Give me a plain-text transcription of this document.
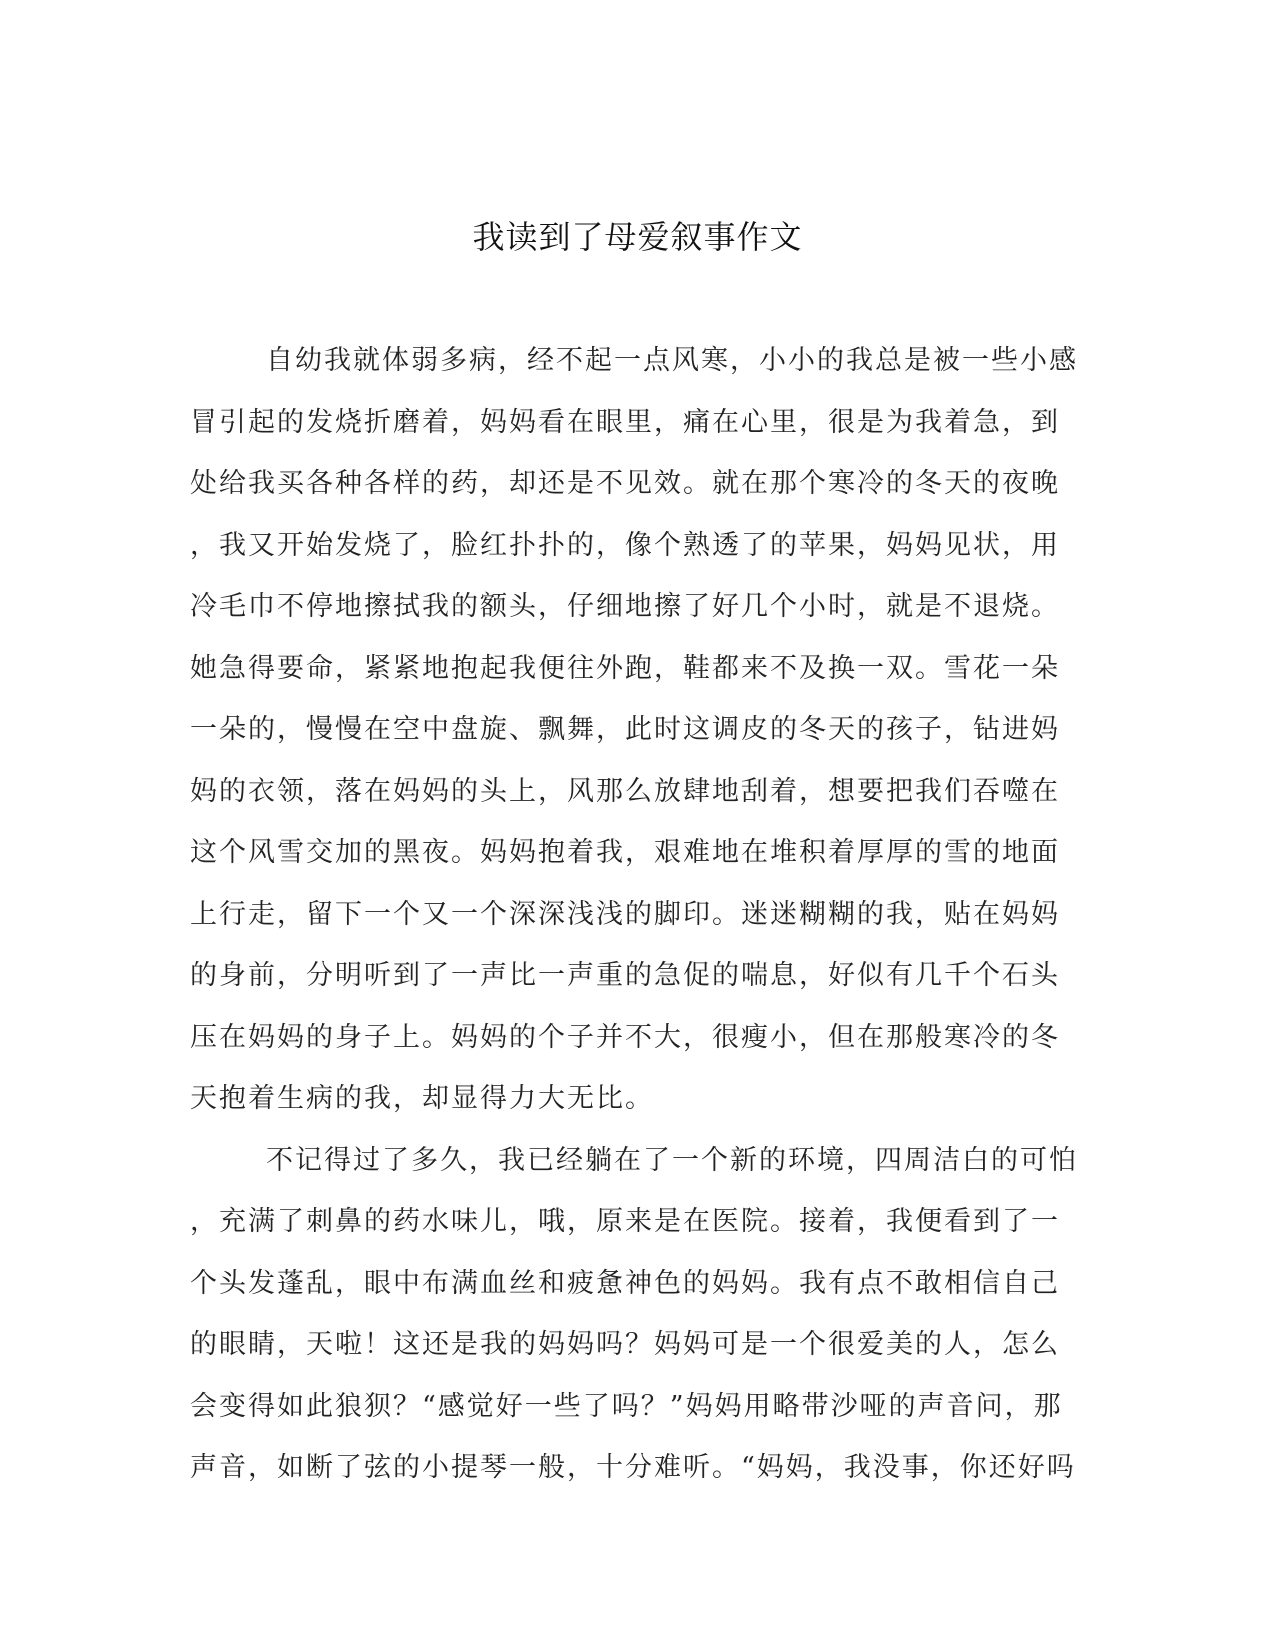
我读到了母爱叙事作文
自幼我就体弱多病，经不起一点风寒，小小的我总是被一些小感
冒引起的发烧折磨着，妈妈看在眼里，痛在心里，很是为我着急，到
处给我买各种各样的药，却还是不见效。就在那个寒冷的冬天的夜晚
，我又开始发烧了，脸红扑扑的，像个熟透了的苹果，妈妈见状，用
冷毛巾不停地擦拭我的额头，仔细地擦了好几个小时，就是不退烧。
她急得要命，紧紧地抱起我便往外跑，鞋都来不及换一双。雪花一朵
一朵的，慢慢在空中盘旋、飘舞，此时这调皮的冬天的孩子，钻进妈
妈的衣领，落在妈妈的头上，风那么放肆地刮着，想要把我们吞噬在
这个风雪交加的黑夜。妈妈抱着我，艰难地在堆积着厚厚的雪的地面
上行走，留下一个又一个深深浅浅的脚印。迷迷糊糊的我，贴在妈妈
的身前，分明听到了一声比一声重的急促的喘息，好似有几千个石头
压在妈妈的身子上。妈妈的个子并不大，很瘦小，但在那般寒冷的冬
天抱着生病的我，却显得力大无比。
不记得过了多久，我已经躺在了一个新的环境，四周洁白的可怕
，充满了刺鼻的药水味儿，哦，原来是在医院。接着，我便看到了一
个头发蓬乱，眼中布满血丝和疲惫神色的妈妈。我有点不敢相信自己
的眼睛，天啦！这还是我的妈妈吗？妈妈可是一个很爱美的人，怎么
会变得如此狼狈？“感觉好一些了吗？”妈妈用略带沙哑的声音问，那
声音，如断了弦的小提琴一般，十分难听。“妈妈，我没事，你还好吗
